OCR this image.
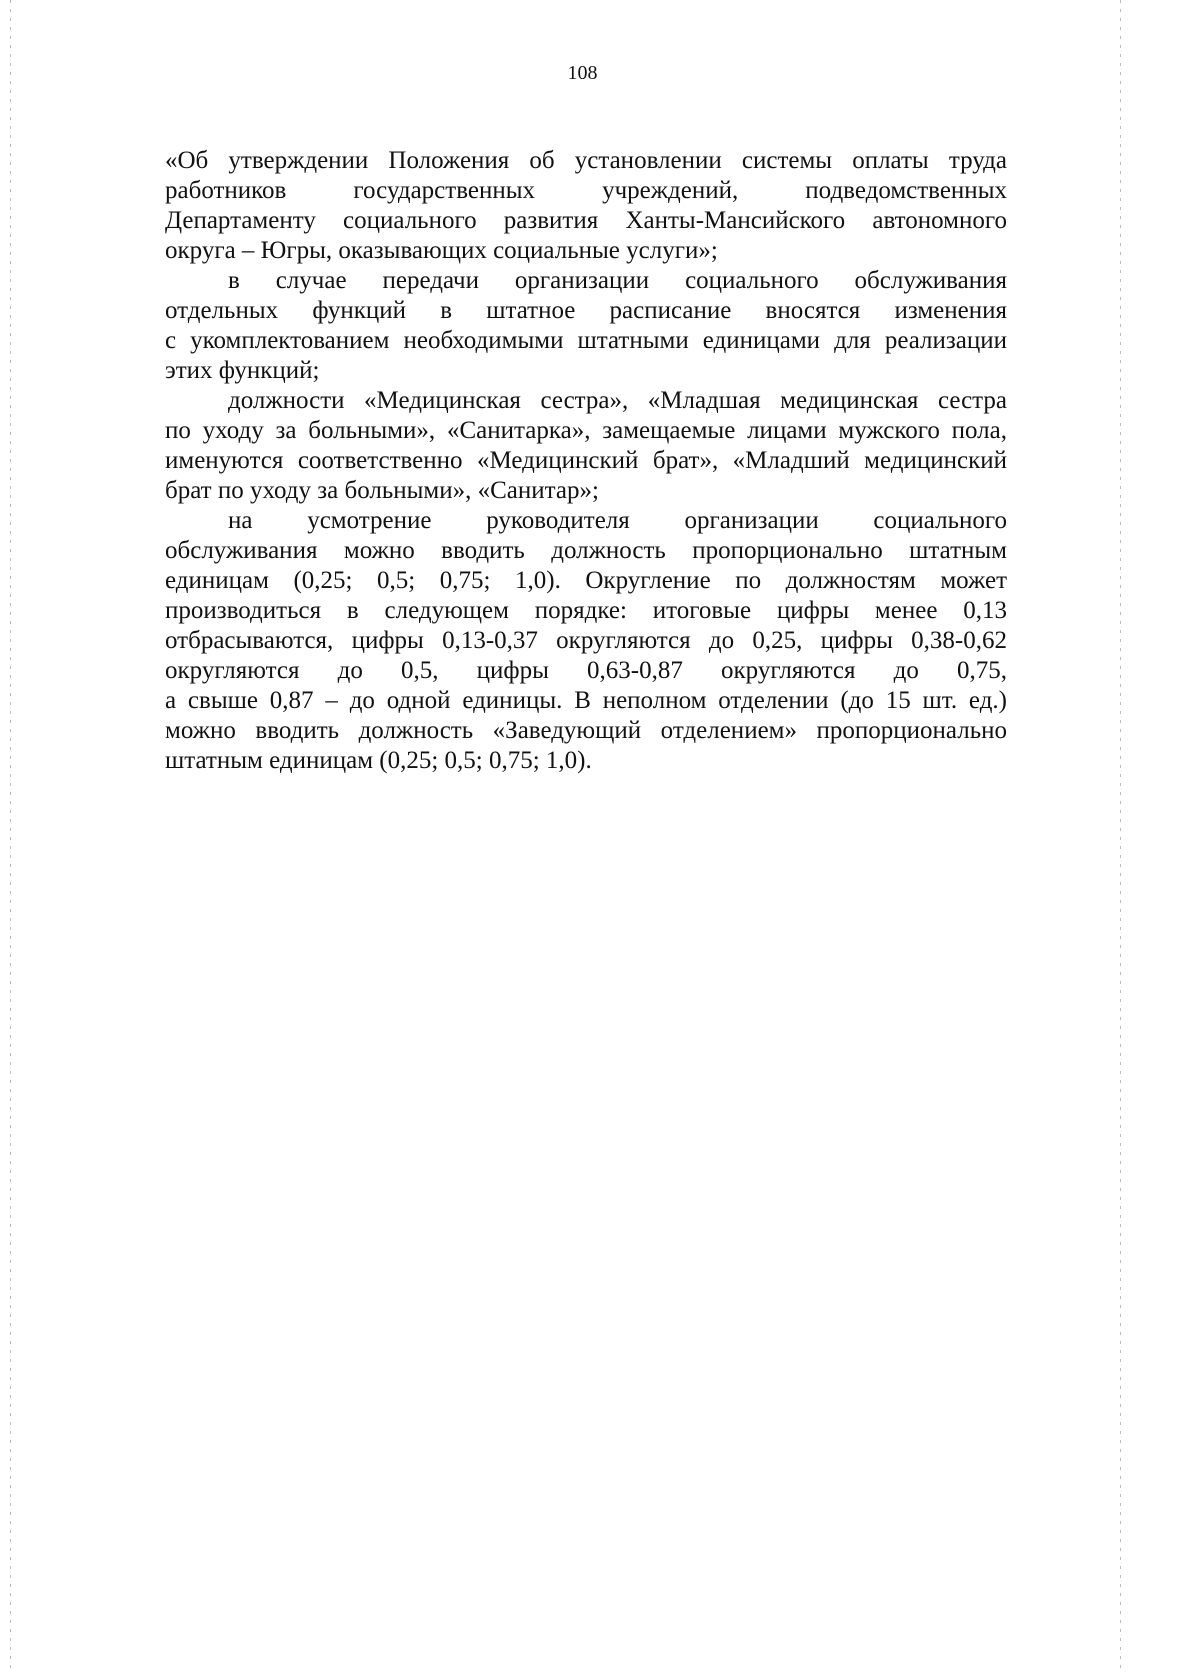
108
«Об утверждении Положения об установлении системы оплаты труда
работников государственных учреждений, подведомственных
Департаменту социального развития Ханты-Мансийского автономного
округа – Югры, оказывающих социальные услуги»;
в случае передачи организации социального обслуживания
отдельных функций в штатное расписание вносятся изменения
с укомплектованием необходимыми штатными единицами для реализации
этих функций;
должности «Медицинская сестра», «Младшая медицинская сестра
по уходу за больными», «Санитарка», замещаемые лицами мужского пола,
именуются соответственно «Медицинский брат», «Младший медицинский
брат по уходу за больными», «Санитар»;
на усмотрение руководителя организации социального
обслуживания можно вводить должность пропорционально штатным
единицам (0,25; 0,5; 0,75; 1,0). Округление по должностям может
производиться в следующем порядке: итоговые цифры менее 0,13
отбрасываются, цифры 0,13-0,37 округляются до 0,25, цифры 0,38-0,62
округляются до 0,5, цифры 0,63-0,87 округляются до 0,75,
а свыше 0,87 – до одной единицы. В неполном отделении (до 15 шт. ед.)
можно вводить должность «Заведующий отделением» пропорционально
штатным единицам (0,25; 0,5; 0,75; 1,0).
